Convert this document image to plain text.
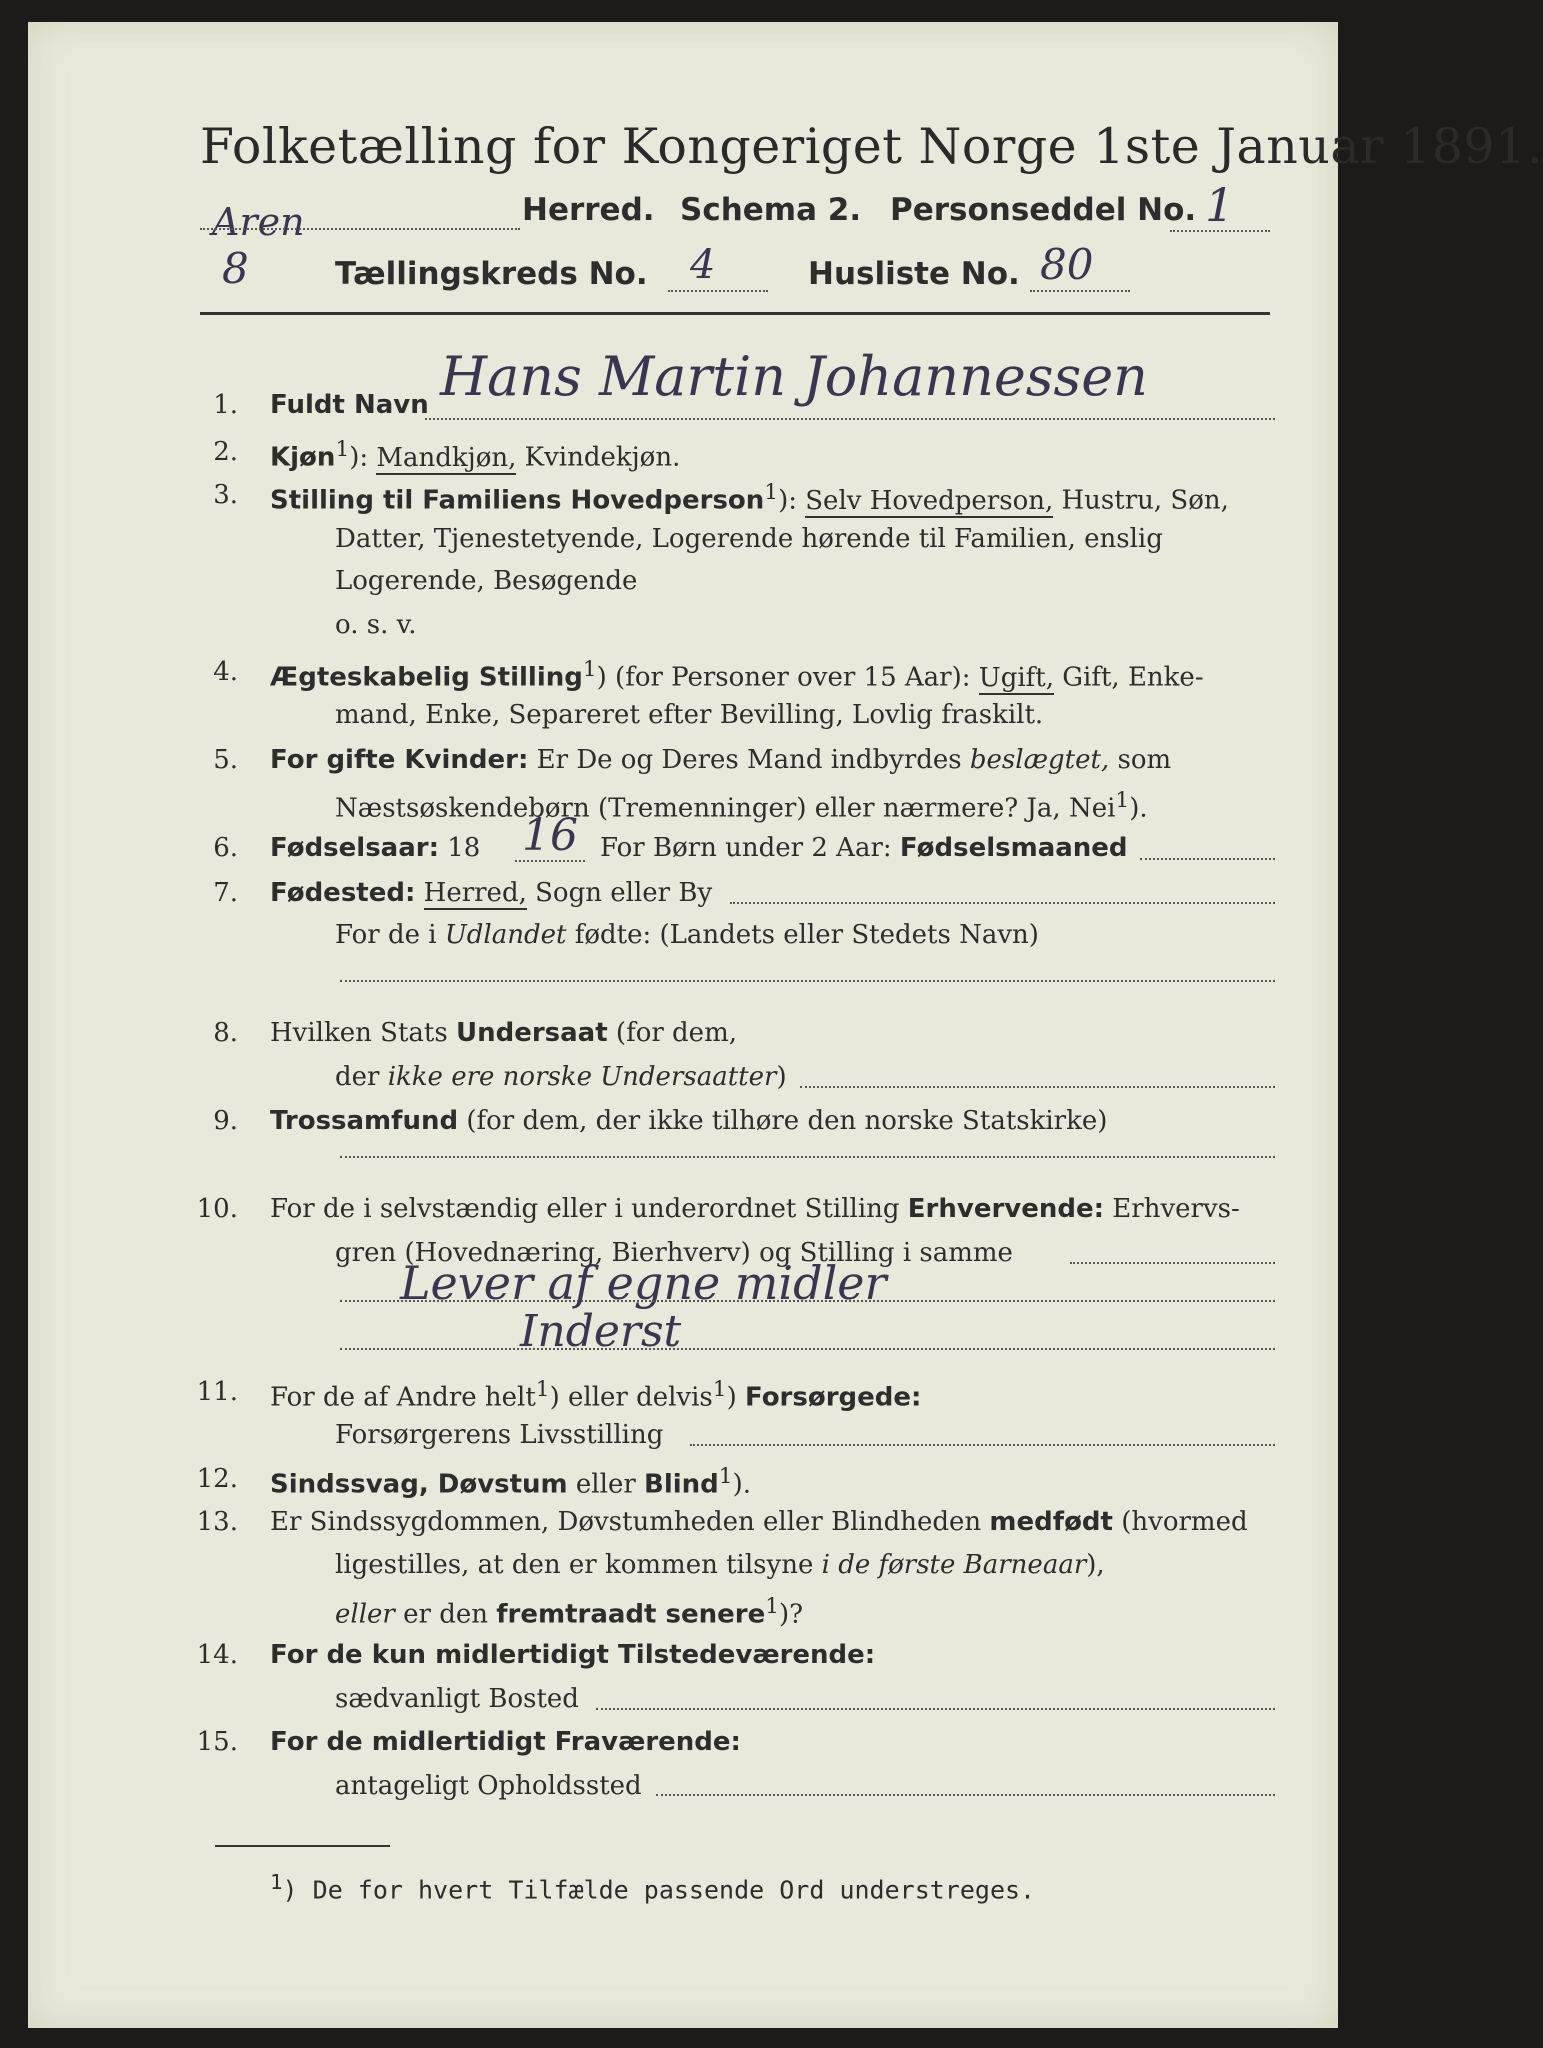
Folketælling for Kongeriget Norge 1ste Januar 1891.
Aren	Herred. Schema 2. Personseddel No. 1
8	Tællingskreds No. 4	Husliste No. 80
1. Fuldt Navn Hans Martin Johannessen
2. Kjøn$^1$): Mandkjøn, Kvindekjøn.
3. Stilling til Familiens Hovedperson$^1$): Selv Hovedperson, Hustru, Søn,
Datter, Tjenestetyende, Logerende hørende til Familien, enslig
Logerende, Besøgende
o. s. v.
4. Ægteskabelig Stilling$^1$) (for Personer over 15 Aar): Ugift, Gift, Enke-
mand, Enke, Separeret efter Bevilling, Lovlig fraskilt.
5. For gifte Kvinder: Er De og Deres Mand indbyrdes beslægtet, som
Næstsøskendebørn (Tremenninger) eller nærmere? Ja, Nei$^1$).
6. Fødselsaar: 18 16 For Børn under 2 Aar: Fødselsmaaned
7. Fødested: Herred, Sogn eller By
For de i Udlandet fødte: (Landets eller Stedets Navn)
8. Hvilken Stats Undersaat (for dem,
der ikke ere norske Undersaatter)
9. Trossamfund (for dem, der ikke tilhøre den norske Statskirke)
10. For de i selvstændig eller i underordnet Stilling Erhvervende: Erhvervs-
gren (Hovednæring, Bierhverv) og Stilling i samme
Lever af egne midler
Inderst
11. For de af Andre helt$^1$) eller delvis$^1$) Forsørgede:
Forsørgerens Livsstilling
12. Sindssvag, Døvstum eller Blind$^1$).
13. Er Sindssygdommen, Døvstumheden eller Blindheden medfødt (hvormed
ligestilles, at den er kommen tilsyne i de første Barneaar),
eller er den fremtraadt senere$^1$)?
14. For de kun midlertidigt Tilstedeværende:
sædvanligt Bosted
15. For de midlertidigt Fraværende:
antageligt Opholdssted
$^1$) De for hvert Tilfælde passende Ord understreges.
